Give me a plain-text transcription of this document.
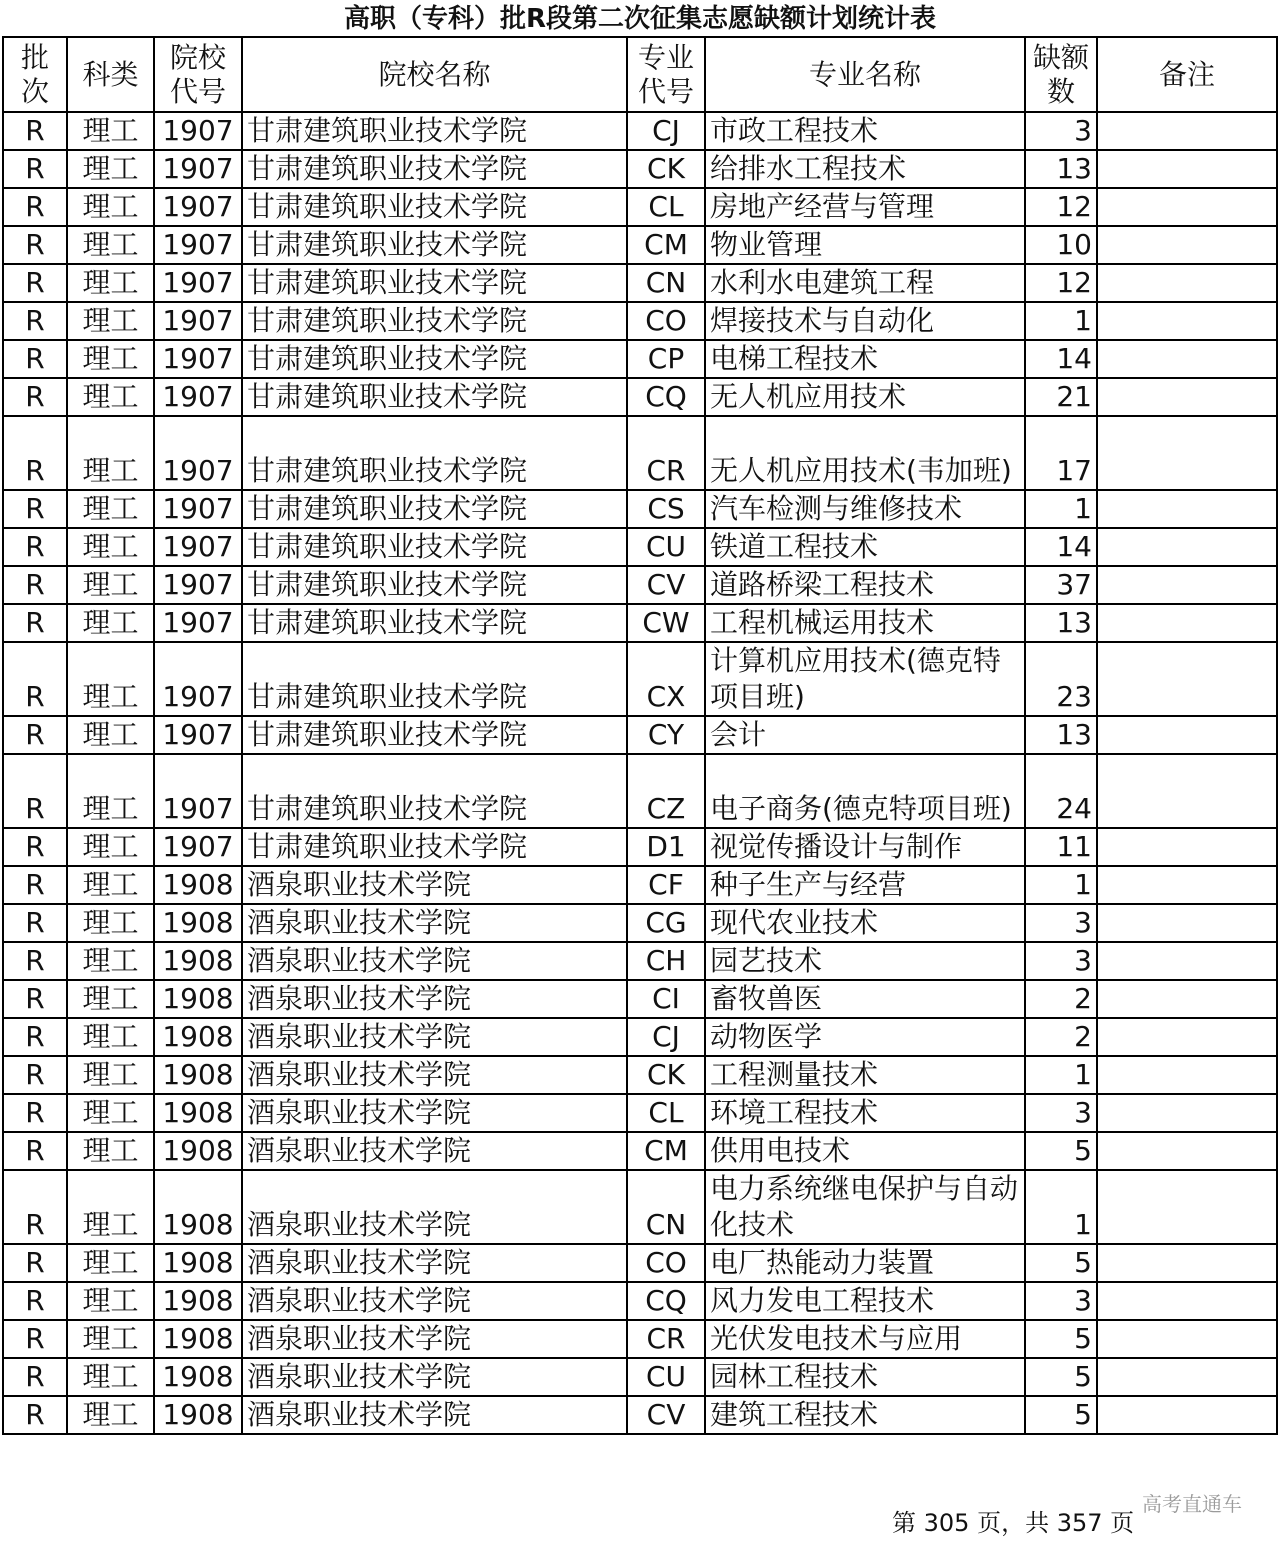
高职（专科）批R段第二次征集志愿缺额计划统计表
批次	科类	院校代号	院校名称	专业代号	专业名称	缺额数	备注
R	理工	1907	甘肃建筑职业技术学院	CJ	市政工程技术	3	
R	理工	1907	甘肃建筑职业技术学院	CK	给排水工程技术	13	
R	理工	1907	甘肃建筑职业技术学院	CL	房地产经营与管理	12	
R	理工	1907	甘肃建筑职业技术学院	CM	物业管理	10	
R	理工	1907	甘肃建筑职业技术学院	CN	水利水电建筑工程	12	
R	理工	1907	甘肃建筑职业技术学院	CO	焊接技术与自动化	1	
R	理工	1907	甘肃建筑职业技术学院	CP	电梯工程技术	14	
R	理工	1907	甘肃建筑职业技术学院	CQ	无人机应用技术	21	
R	理工	1907	甘肃建筑职业技术学院	CR	无人机应用技术(韦加班)	17	
R	理工	1907	甘肃建筑职业技术学院	CS	汽车检测与维修技术	1	
R	理工	1907	甘肃建筑职业技术学院	CU	铁道工程技术	14	
R	理工	1907	甘肃建筑职业技术学院	CV	道路桥梁工程技术	37	
R	理工	1907	甘肃建筑职业技术学院	CW	工程机械运用技术	13	
R	理工	1907	甘肃建筑职业技术学院	CX	计算机应用技术(德克特项目班)	23	
R	理工	1907	甘肃建筑职业技术学院	CY	会计	13	
R	理工	1907	甘肃建筑职业技术学院	CZ	电子商务(德克特项目班)	24	
R	理工	1907	甘肃建筑职业技术学院	D1	视觉传播设计与制作	11	
R	理工	1908	酒泉职业技术学院	CF	种子生产与经营	1	
R	理工	1908	酒泉职业技术学院	CG	现代农业技术	3	
R	理工	1908	酒泉职业技术学院	CH	园艺技术	3	
R	理工	1908	酒泉职业技术学院	CI	畜牧兽医	2	
R	理工	1908	酒泉职业技术学院	CJ	动物医学	2	
R	理工	1908	酒泉职业技术学院	CK	工程测量技术	1	
R	理工	1908	酒泉职业技术学院	CL	环境工程技术	3	
R	理工	1908	酒泉职业技术学院	CM	供用电技术	5	
R	理工	1908	酒泉职业技术学院	CN	电力系统继电保护与自动化技术	1	
R	理工	1908	酒泉职业技术学院	CO	电厂热能动力装置	5	
R	理工	1908	酒泉职业技术学院	CQ	风力发电工程技术	3	
R	理工	1908	酒泉职业技术学院	CR	光伏发电技术与应用	5	
R	理工	1908	酒泉职业技术学院	CU	园林工程技术	5	
R	理工	1908	酒泉职业技术学院	CV	建筑工程技术	5	
第 305 页，共 357 页
高考直通车
